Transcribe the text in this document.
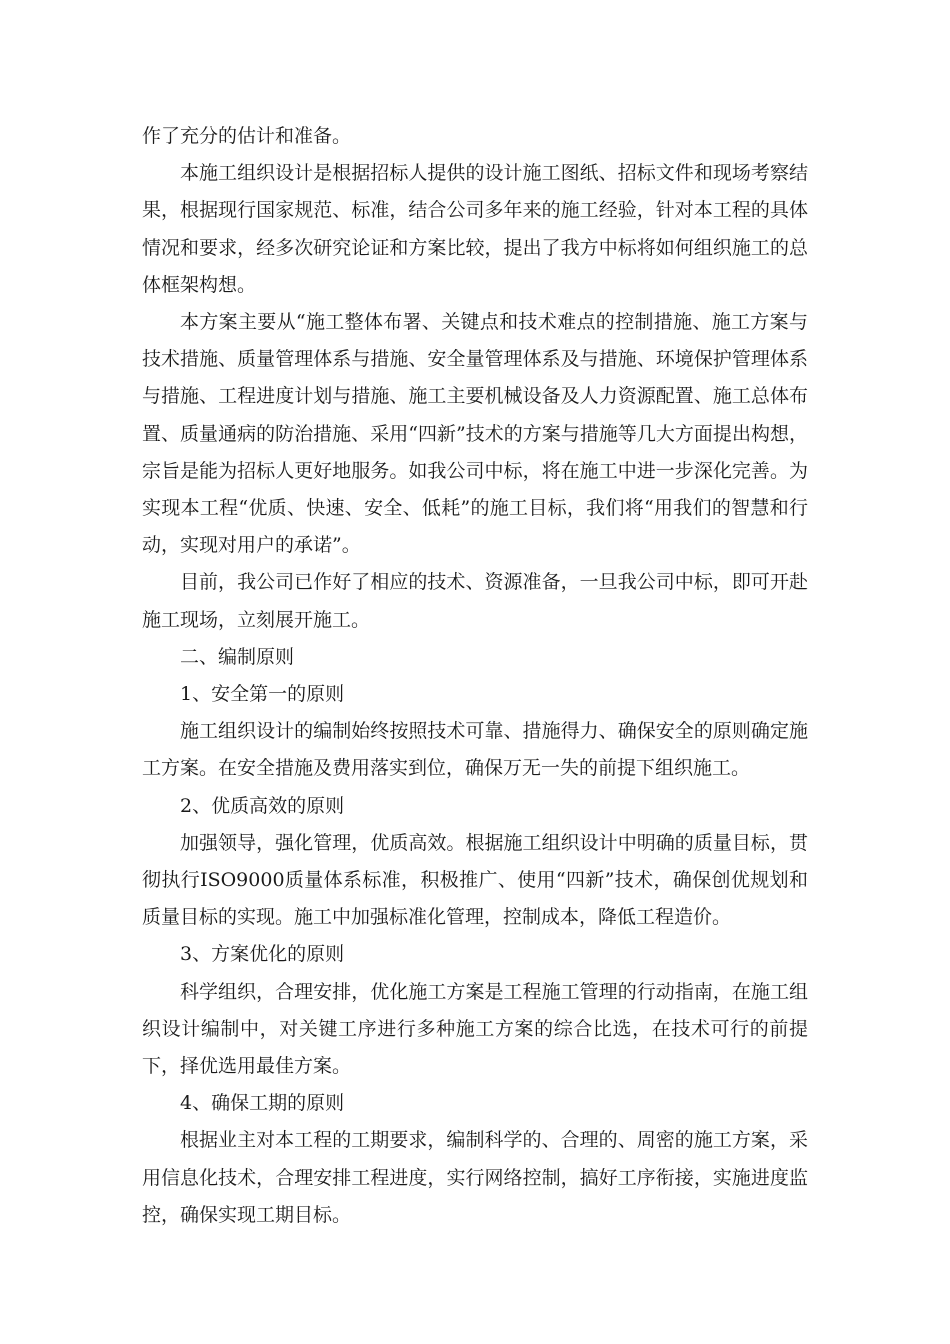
作了充分的估计和准备。

本施工组织设计是根据招标人提供的设计施工图纸、招标文件和现场考察结果，根据现行国家规范、标准，结合公司多年来的施工经验，针对本工程的具体情况和要求，经多次研究论证和方案比较，提出了我方中标将如何组织施工的总体框架构想。

本方案主要从“施工整体布署、关键点和技术难点的控制措施、施工方案与技术措施、质量管理体系与措施、安全量管理体系及与措施、环境保护管理体系与措施、工程进度计划与措施、施工主要机械设备及人力资源配置、施工总体布置、质量通病的防治措施、采用“四新”技术的方案与措施等几大方面提出构想，宗旨是能为招标人更好地服务。如我公司中标，将在施工中进一步深化完善。为实现本工程“优质、快速、安全、低耗”的施工目标，我们将“用我们的智慧和行动，实现对用户的承诺”。

目前，我公司已作好了相应的技术、资源准备，一旦我公司中标，即可开赴施工现场，立刻展开施工。

二、编制原则

1、安全第一的原则

施工组织设计的编制始终按照技术可靠、措施得力、确保安全的原则确定施工方案。在安全措施及费用落实到位，确保万无一失的前提下组织施工。

2、优质高效的原则

加强领导，强化管理，优质高效。根据施工组织设计中明确的质量目标，贯彻执行ISO9000质量体系标准，积极推广、使用“四新”技术，确保创优规划和质量目标的实现。施工中加强标准化管理，控制成本，降低工程造价。

3、方案优化的原则

科学组织，合理安排，优化施工方案是工程施工管理的行动指南，在施工组织设计编制中，对关键工序进行多种施工方案的综合比选，在技术可行的前提下，择优选用最佳方案。

4、确保工期的原则

根据业主对本工程的工期要求，编制科学的、合理的、周密的施工方案，采用信息化技术，合理安排工程进度，实行网络控制，搞好工序衔接，实施进度监控，确保实现工期目标。
